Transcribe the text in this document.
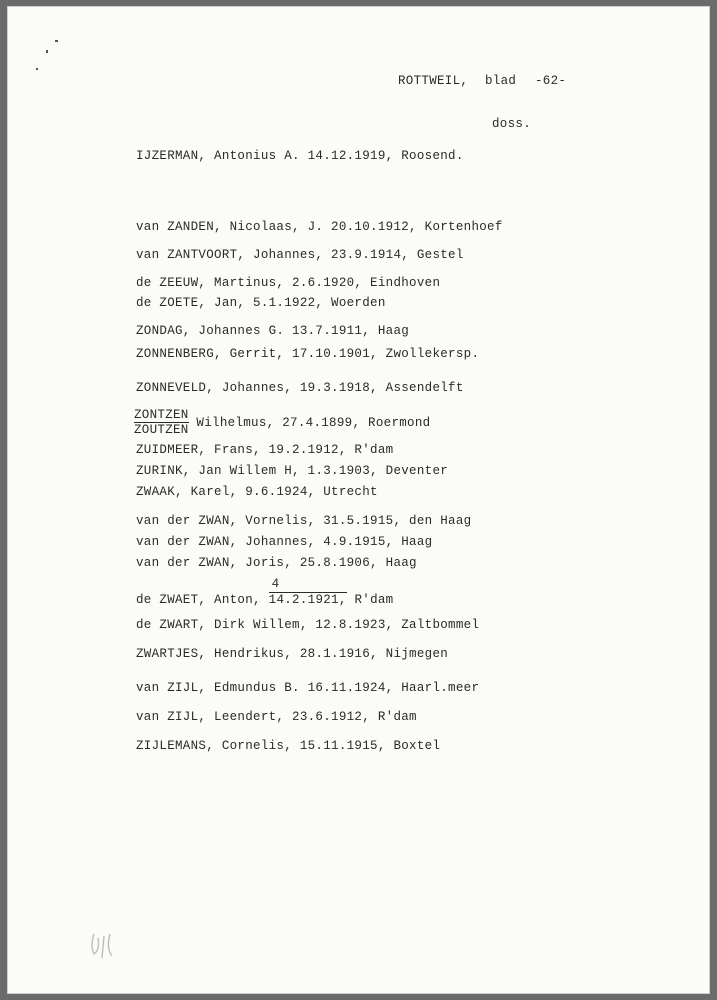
ROTTWEIL, blad -62-
doss.
IJZERMAN, Antonius A. 14.12.1919, Roosend.
van ZANDEN, Nicolaas, J. 20.10.1912, Kortenhoef
van ZANTVOORT, Johannes, 23.9.1914, Gestel
de ZEEUW, Martinus, 2.6.1920, Eindhoven
de ZOETE, Jan, 5.1.1922, Woerden
ZONDAG, Johannes G. 13.7.1911, Haag
ZONNENBERG, Gerrit, 17.10.1901, Zwollekersp.
ZONNEVELD, Johannes, 19.3.1918, Assendelft
ZONTZEN
ZOUTZEN
Wilhelmus, 27.4.1899, Roermond
ZUIDMEER, Frans, 19.2.1912, R'dam
ZURINK, Jan Willem H, 1.3.1903, Deventer
ZWAAK, Karel, 9.6.1924, Utrecht
van der ZWAN, Vornelis, 31.5.1915, den Haag
van der ZWAN, Johannes, 4.9.1915, Haag
van der ZWAN, Joris, 25.8.1906, Haag
de ZWAET, Anton, $\frac{4}{14.2.1921,} R'dam$
de ZWART, Dirk Willem, 12.8.1923, Zaltbommel
ZWARTJES, Hendrikus, 28.1.1916, Nijmegen
van ZIJL, Edmundus B. 16.11.1924, Haarl.meer
van ZIJL, Leendert, 23.6.1912, R'dam
ZIJLEMANS, Cornelis, 15.11.1915, Boxtel
